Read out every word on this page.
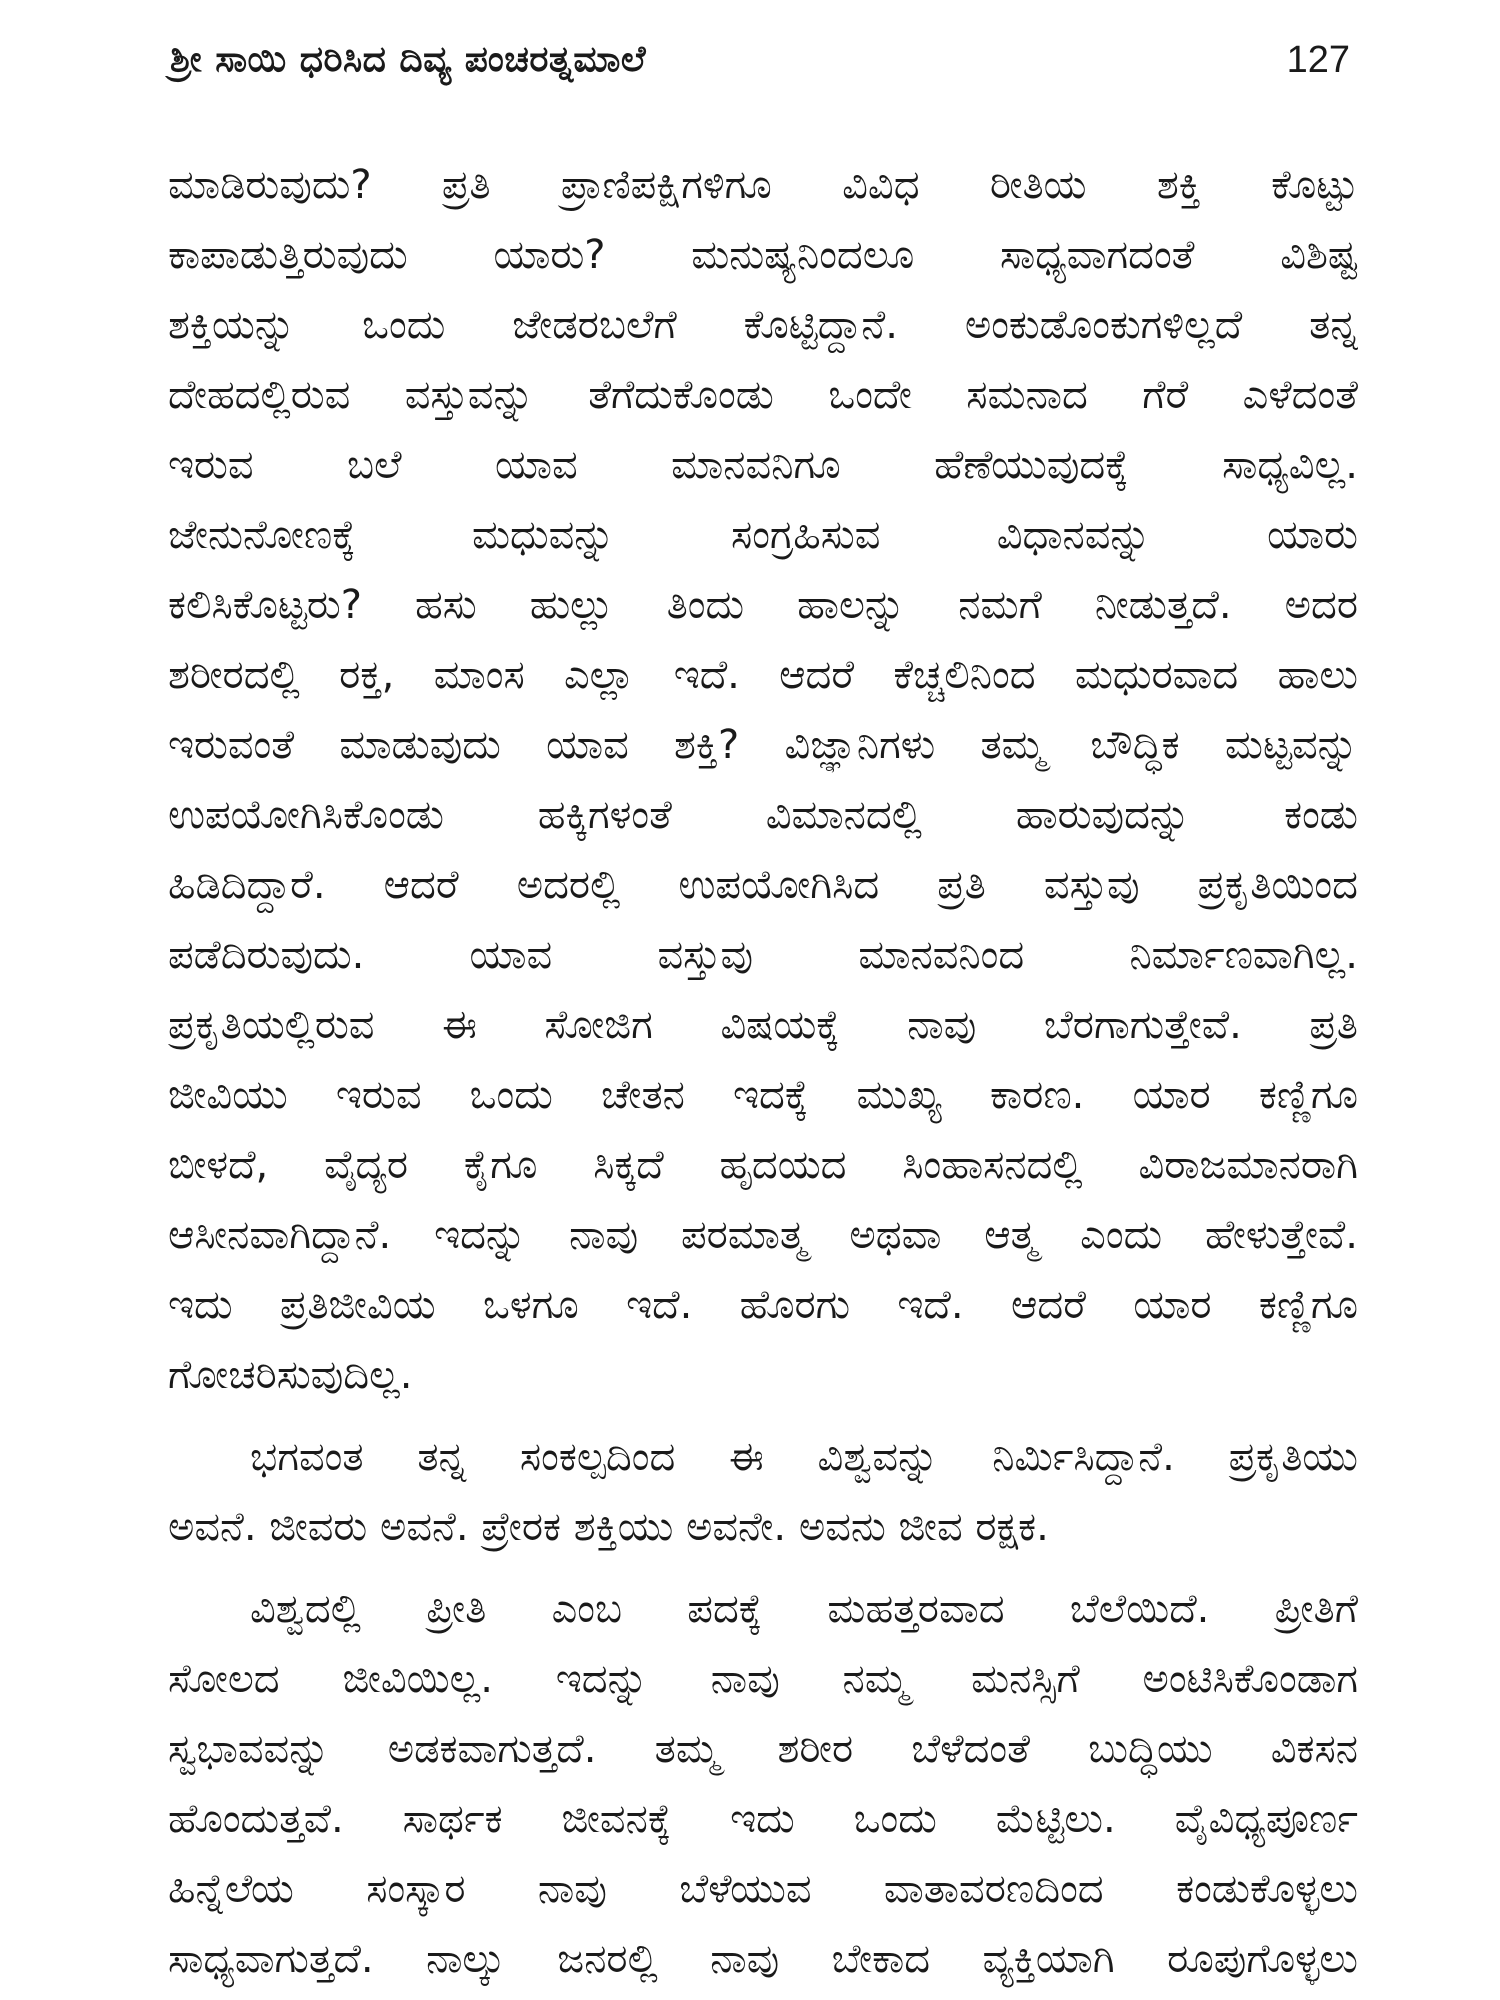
ಶ್ರೀ ಸಾಯಿ ಧರಿಸಿದ ದಿವ್ಯ ಪಂಚರತ್ನಮಾಲೆ	127
ಮಾಡಿರುವುದು? ಪ್ರತಿ ಪ್ರಾಣಿಪಕ್ಷಿಗಳಿಗೂ ವಿವಿಧ ರೀತಿಯ ಶಕ್ತಿ ಕೊಟ್ಟು
ಕಾಪಾಡುತ್ತಿರುವುದು ಯಾರು? ಮನುಷ್ಯನಿಂದಲೂ ಸಾಧ್ಯವಾಗದಂತೆ ವಿಶಿಷ್ಟ
ಶಕ್ತಿಯನ್ನು ಒಂದು ಜೇಡರಬಲೆಗೆ ಕೊಟ್ಟಿದ್ದಾನೆ. ಅಂಕುಡೊಂಕುಗಳಿಲ್ಲದೆ ತನ್ನ
ದೇಹದಲ್ಲಿರುವ ವಸ್ತುವನ್ನು ತೆಗೆದುಕೊಂಡು ಒಂದೇ ಸಮನಾದ ಗೆರೆ ಎಳೆದಂತೆ
ಇರುವ ಬಲೆ ಯಾವ ಮಾನವನಿಗೂ ಹೆಣೆಯುವುದಕ್ಕೆ ಸಾಧ್ಯವಿಲ್ಲ.
ಜೇನುನೋಣಕ್ಕೆ ಮಧುವನ್ನು ಸಂಗ್ರಹಿಸುವ ವಿಧಾನವನ್ನು ಯಾರು
ಕಲಿಸಿಕೊಟ್ಟರು? ಹಸು ಹುಲ್ಲು ತಿಂದು ಹಾಲನ್ನು ನಮಗೆ ನೀಡುತ್ತದೆ. ಅದರ
ಶರೀರದಲ್ಲಿ ರಕ್ತ, ಮಾಂಸ ಎಲ್ಲಾ ಇದೆ. ಆದರೆ ಕೆಚ್ಚಲಿನಿಂದ ಮಧುರವಾದ ಹಾಲು
ಇರುವಂತೆ ಮಾಡುವುದು ಯಾವ ಶಕ್ತಿ? ವಿಜ್ಞಾನಿಗಳು ತಮ್ಮ ಬೌದ್ಧಿಕ ಮಟ್ಟವನ್ನು
ಉಪಯೋಗಿಸಿಕೊಂಡು ಹಕ್ಕಿಗಳಂತೆ ವಿಮಾನದಲ್ಲಿ ಹಾರುವುದನ್ನು ಕಂಡು
ಹಿಡಿದಿದ್ದಾರೆ. ಆದರೆ ಅದರಲ್ಲಿ ಉಪಯೋಗಿಸಿದ ಪ್ರತಿ ವಸ್ತುವು ಪ್ರಕೃತಿಯಿಂದ
ಪಡೆದಿರುವುದು. ಯಾವ ವಸ್ತುವು ಮಾನವನಿಂದ ನಿರ್ಮಾಣವಾಗಿಲ್ಲ.
ಪ್ರಕೃತಿಯಲ್ಲಿರುವ ಈ ಸೋಜಿಗ ವಿಷಯಕ್ಕೆ ನಾವು ಬೆರಗಾಗುತ್ತೇವೆ. ಪ್ರತಿ
ಜೀವಿಯು ಇರುವ ಒಂದು ಚೇತನ ಇದಕ್ಕೆ ಮುಖ್ಯ ಕಾರಣ. ಯಾರ ಕಣ್ಣಿಗೂ
ಬೀಳದೆ, ವೈದ್ಯರ ಕೈಗೂ ಸಿಕ್ಕದೆ ಹೃದಯದ ಸಿಂಹಾಸನದಲ್ಲಿ ವಿರಾಜಮಾನರಾಗಿ
ಆಸೀನವಾಗಿದ್ದಾನೆ. ಇದನ್ನು ನಾವು ಪರಮಾತ್ಮ ಅಥವಾ ಆತ್ಮ ಎಂದು ಹೇಳುತ್ತೇವೆ.
ಇದು ಪ್ರತಿಜೀವಿಯ ಒಳಗೂ ಇದೆ. ಹೊರಗು ಇದೆ. ಆದರೆ ಯಾರ ಕಣ್ಣಿಗೂ
ಗೋಚರಿಸುವುದಿಲ್ಲ.
ಭಗವಂತ ತನ್ನ ಸಂಕಲ್ಪದಿಂದ ಈ ವಿಶ್ವವನ್ನು ನಿರ್ಮಿಸಿದ್ದಾನೆ. ಪ್ರಕೃತಿಯು
ಅವನೆ. ಜೀವರು ಅವನೆ. ಪ್ರೇರಕ ಶಕ್ತಿಯು ಅವನೇ. ಅವನು ಜೀವ ರಕ್ಷಕ.
ವಿಶ್ವದಲ್ಲಿ ಪ್ರೀತಿ ಎಂಬ ಪದಕ್ಕೆ ಮಹತ್ತರವಾದ ಬೆಲೆಯಿದೆ. ಪ್ರೀತಿಗೆ
ಸೋಲದ ಜೀವಿಯಿಲ್ಲ. ಇದನ್ನು ನಾವು ನಮ್ಮ ಮನಸ್ಸಿಗೆ ಅಂಟಿಸಿಕೊಂಡಾಗ
ಸ್ವಭಾವವನ್ನು ಅಡಕವಾಗುತ್ತದೆ. ತಮ್ಮ ಶರೀರ ಬೆಳೆದಂತೆ ಬುದ್ಧಿಯು ವಿಕಸನ
ಹೊಂದುತ್ತವೆ. ಸಾರ್ಥಕ ಜೀವನಕ್ಕೆ ಇದು ಒಂದು ಮೆಟ್ಟಿಲು. ವೈವಿಧ್ಯಪೂರ್ಣ
ಹಿನ್ನೆಲೆಯ ಸಂಸ್ಕಾರ ನಾವು ಬೆಳೆಯುವ ವಾತಾವರಣದಿಂದ ಕಂಡುಕೊಳ್ಳಲು
ಸಾಧ್ಯವಾಗುತ್ತದೆ. ನಾಲ್ಕು ಜನರಲ್ಲಿ ನಾವು ಬೇಕಾದ ವ್ಯಕ್ತಿಯಾಗಿ ರೂಪುಗೊಳ್ಳಲು
